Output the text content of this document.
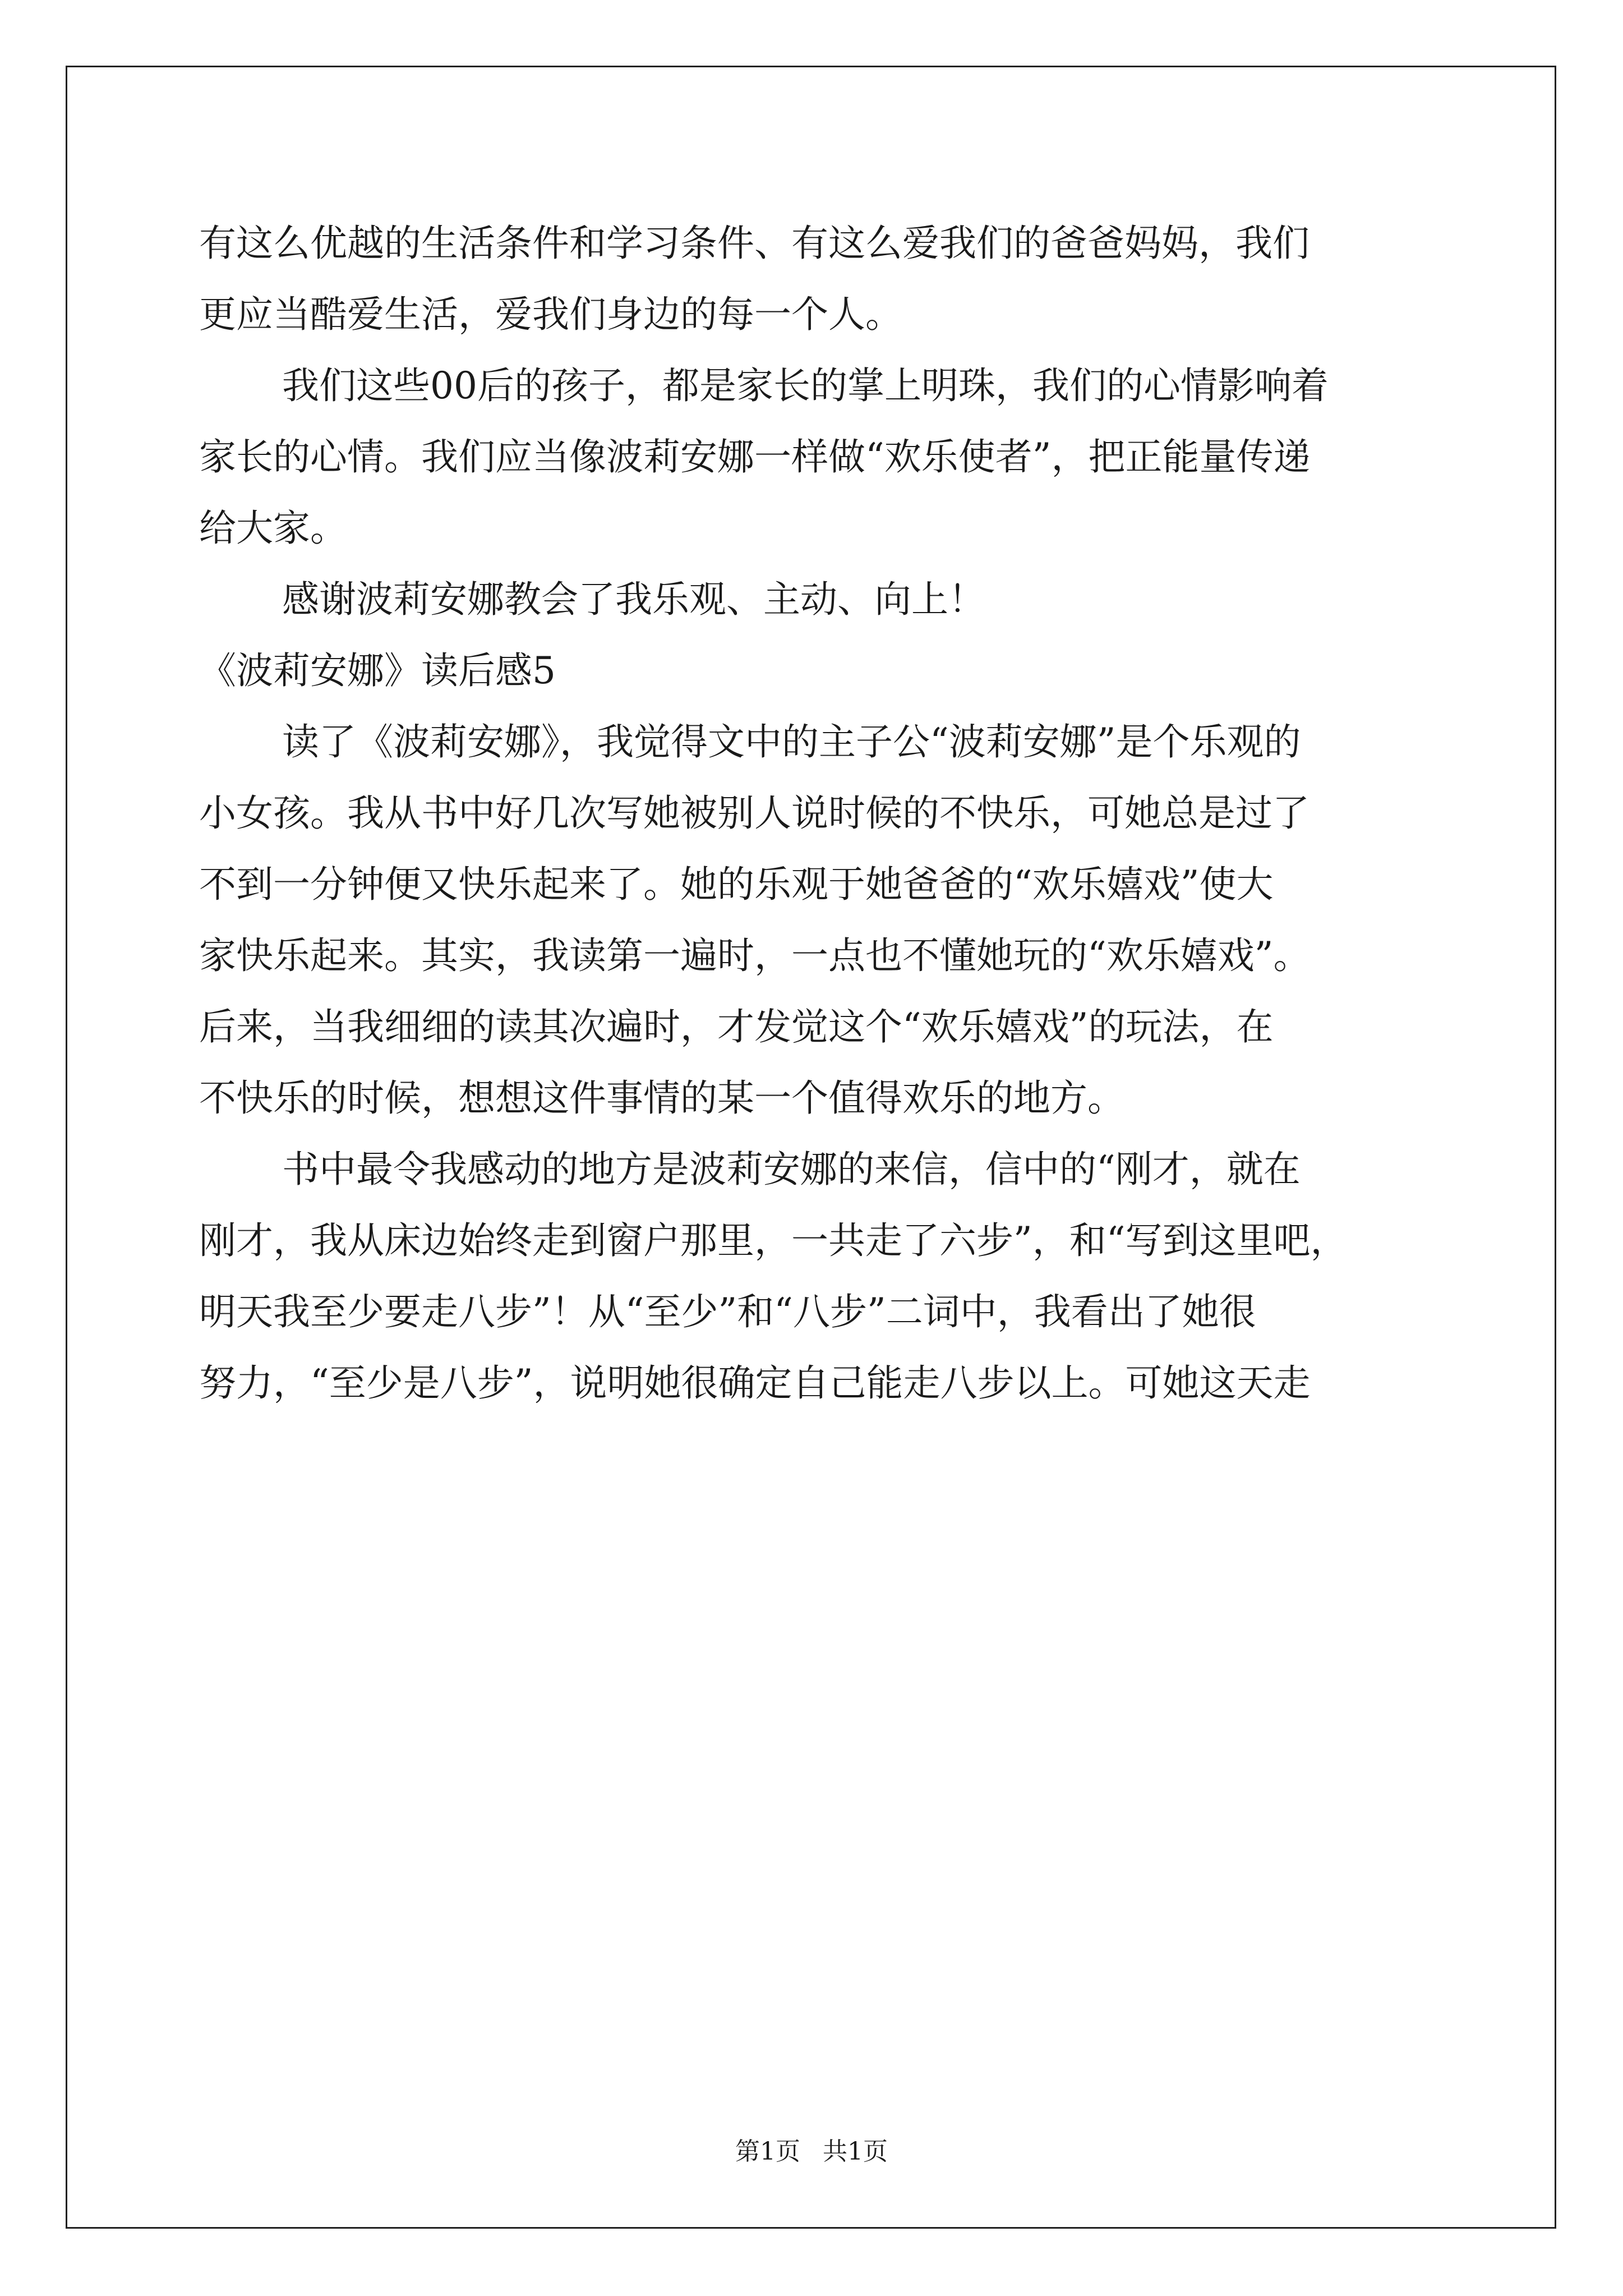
有这么优越的生活条件和学习条件、有这么爱我们的爸爸妈妈，我们
更应当酷爱生活，爱我们身边的每一个人。
我们这些00后的孩子，都是家长的掌上明珠，我们的心情影响着
家长的心情。我们应当像波莉安娜一样做“欢乐使者”，把正能量传递
给大家。
感谢波莉安娜教会了我乐观、主动、向上！
《波莉安娜》读后感5
读了《波莉安娜》，我觉得文中的主子公“波莉安娜”是个乐观的
小女孩。我从书中好几次写她被别人说时候的不快乐，可她总是过了
不到一分钟便又快乐起来了。她的乐观于她爸爸的“欢乐嬉戏”使大
家快乐起来。其实，我读第一遍时，一点也不懂她玩的“欢乐嬉戏”。
后来，当我细细的读其次遍时，才发觉这个“欢乐嬉戏”的玩法，在
不快乐的时候，想想这件事情的某一个值得欢乐的地方。
书中最令我感动的地方是波莉安娜的来信，信中的“刚才，就在
刚才，我从床边始终走到窗户那里，一共走了六步”，和“写到这里吧，
明天我至少要走八步”！从“至少”和“八步”二词中，我看出了她很
努力，“至少是八步”，说明她很确定自己能走八步以上。可她这天走
第1页 共1页
